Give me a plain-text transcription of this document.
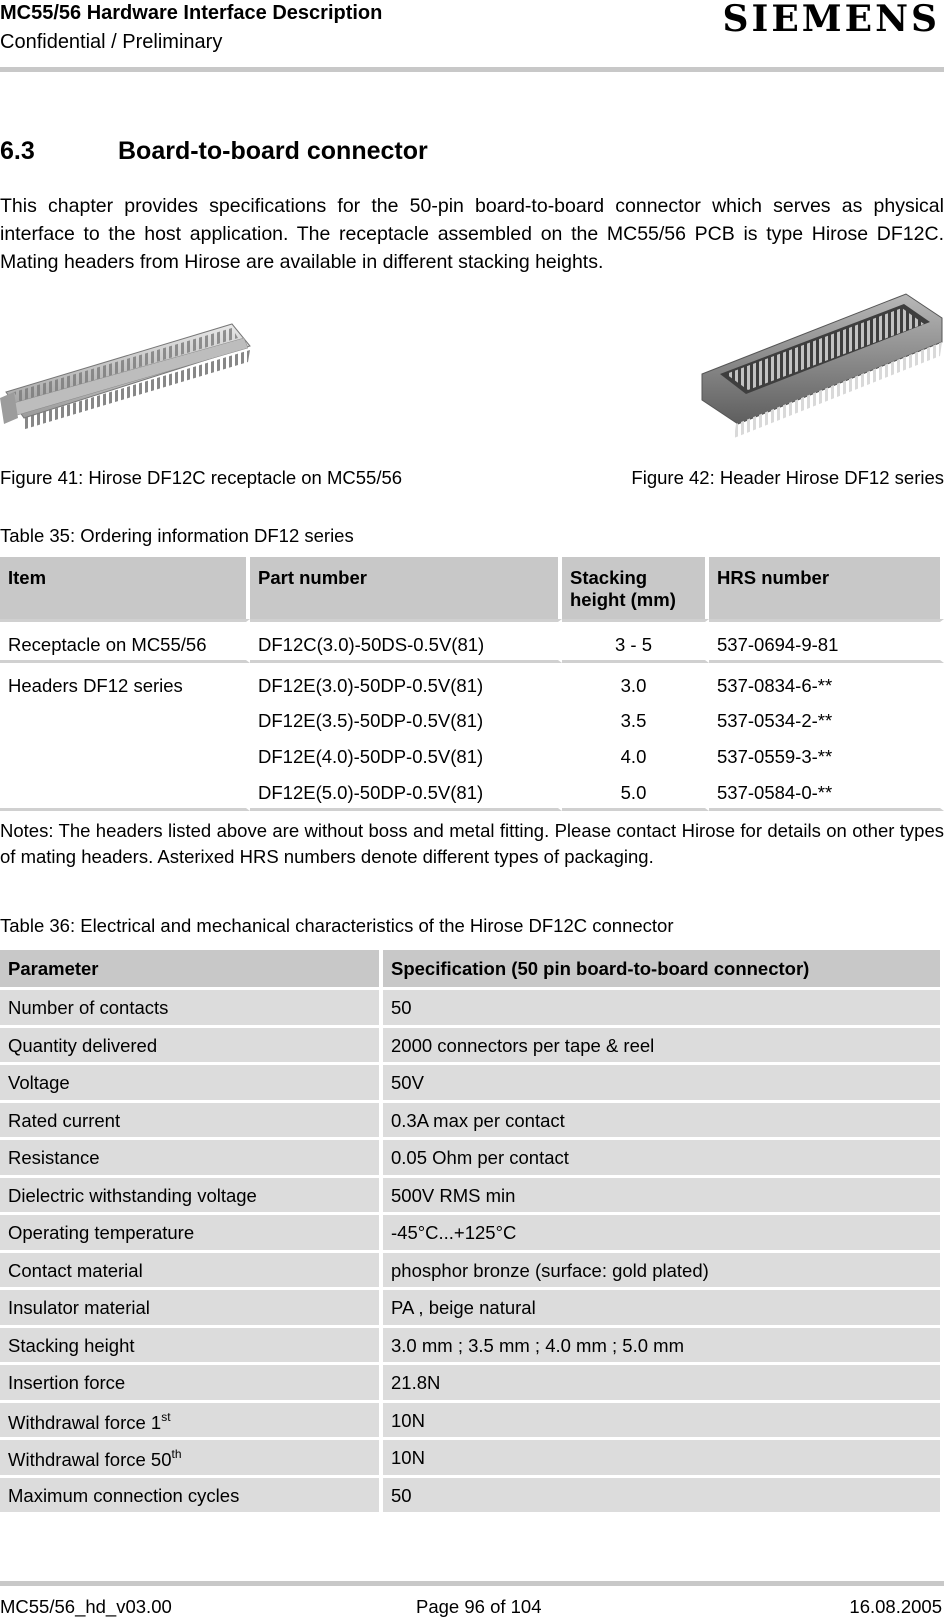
MC55/56 Hardware Interface Description
Confidential / Preliminary
SIEMENS
6.3	Board-to-board connector
This chapter provides specifications for the 50-pin board-to-board connector which serves as physical interface to the host application. The receptacle assembled on the MC55/56 PCB is type Hirose DF12C. Mating headers from Hirose are available in different stacking heights.
Figure 41: Hirose DF12C receptacle on MC55/56	Figure 42: Header Hirose DF12 series
Table 35: Ordering information DF12 series
Item	Part number	Stacking height (mm)	HRS number
Receptacle on MC55/56	DF12C(3.0)-50DS-0.5V(81)	3 - 5	537-0694-9-81
Headers DF12 series	DF12E(3.0)-50DP-0.5V(81)	3.0	537-0834-6-**
	DF12E(3.5)-50DP-0.5V(81)	3.5	537-0534-2-**
	DF12E(4.0)-50DP-0.5V(81)	4.0	537-0559-3-**
	DF12E(5.0)-50DP-0.5V(81)	5.0	537-0584-0-**
Notes: The headers listed above are without boss and metal fitting. Please contact Hirose for details on other types of mating headers. Asterixed HRS numbers denote different types of packaging.
Table 36: Electrical and mechanical characteristics of the Hirose DF12C connector
Parameter	Specification (50 pin board-to-board connector)
Number of contacts	50
Quantity delivered	2000 connectors per tape & reel
Voltage	50V
Rated current	0.3A max per contact
Resistance	0.05 Ohm per contact
Dielectric withstanding voltage	500V RMS min
Operating temperature	-45°C...+125°C
Contact material	phosphor bronze (surface: gold plated)
Insulator material	PA , beige natural
Stacking height	3.0 mm ; 3.5 mm ; 4.0 mm ; 5.0 mm
Insertion force	21.8N
Withdrawal force 1st	10N
Withdrawal force 50th	10N
Maximum connection cycles	50
MC55/56_hd_v03.00	Page 96 of 104	16.08.2005
